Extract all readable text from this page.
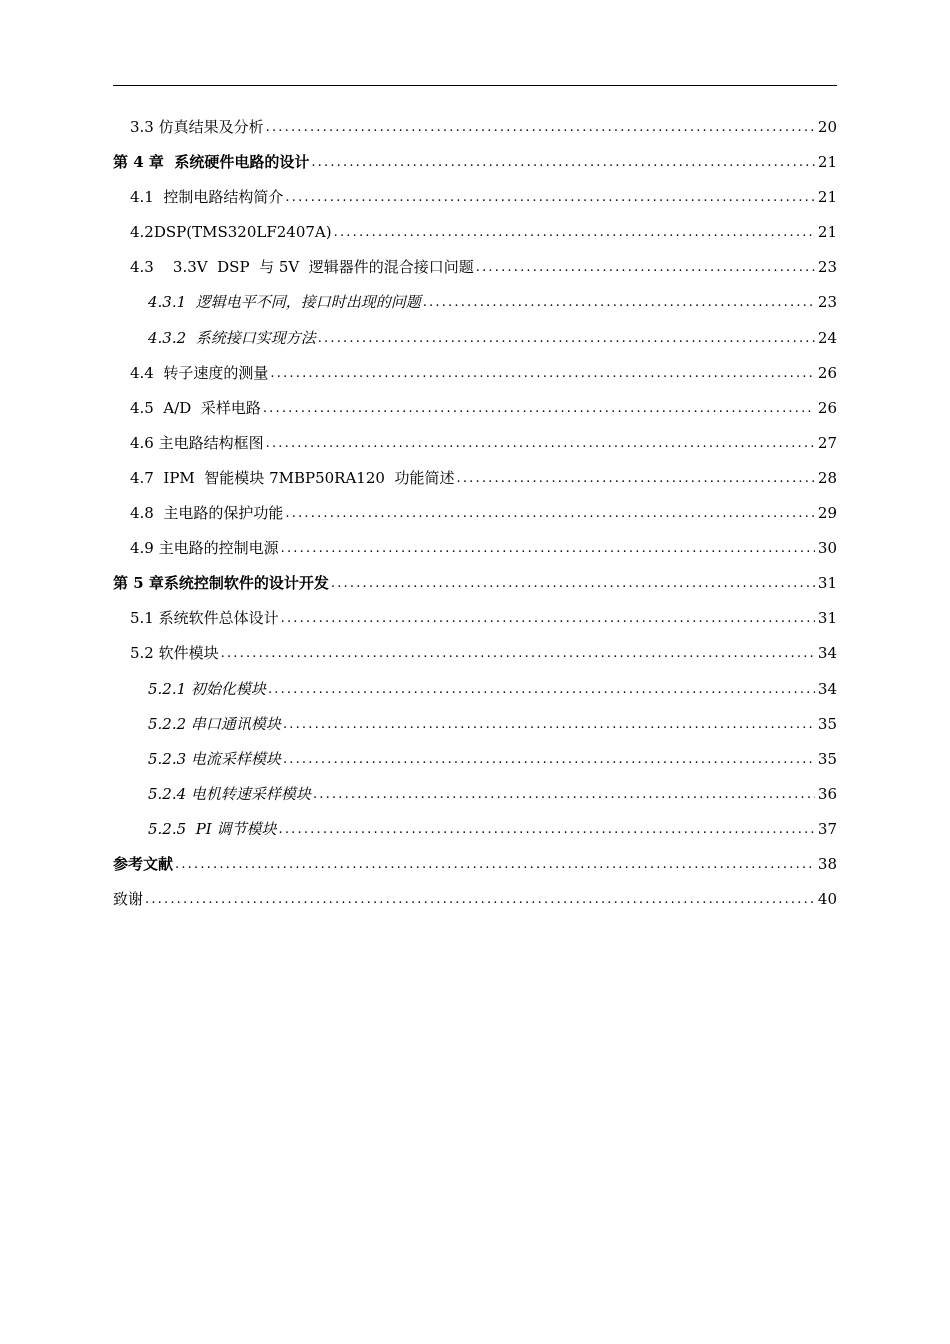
3.3 仿真结果及分析 .....	20
第 4 章  系统硬件电路的设计 .....	21
4.1  控制电路结构简介 .....	21
4.2DSP(TMS320LF2407A) .....	21
4.3    3.3V  DSP  与 5V  逻辑器件的混合接口问题 .....	23
4.3.1  逻辑电平不同，接口时出现的问题 .....	23
4.3.2  系统接口实现方法 .....	24
4.4  转子速度的测量 .....	26
4.5  A/D  采样电路 .....	26
4.6 主电路结构框图 .....	27
4.7  IPM  智能模块 7MBP50RA120  功能简述 .....	28
4.8  主电路的保护功能 .....	29
4.9 主电路的控制电源 .....	30
第 5 章系统控制软件的设计开发 .....	31
5.1 系统软件总体设计 .....	31
5.2 软件模块 .....	34
5.2.1 初始化模块 .....	34
5.2.2 串口通讯模块 .....	35
5.2.3 电流采样模块 .....	35
5.2.4 电机转速采样模块 .....	36
5.2.5  PI 调节模块 .....	37
参考文献 .....	38
致谢 .....	40
